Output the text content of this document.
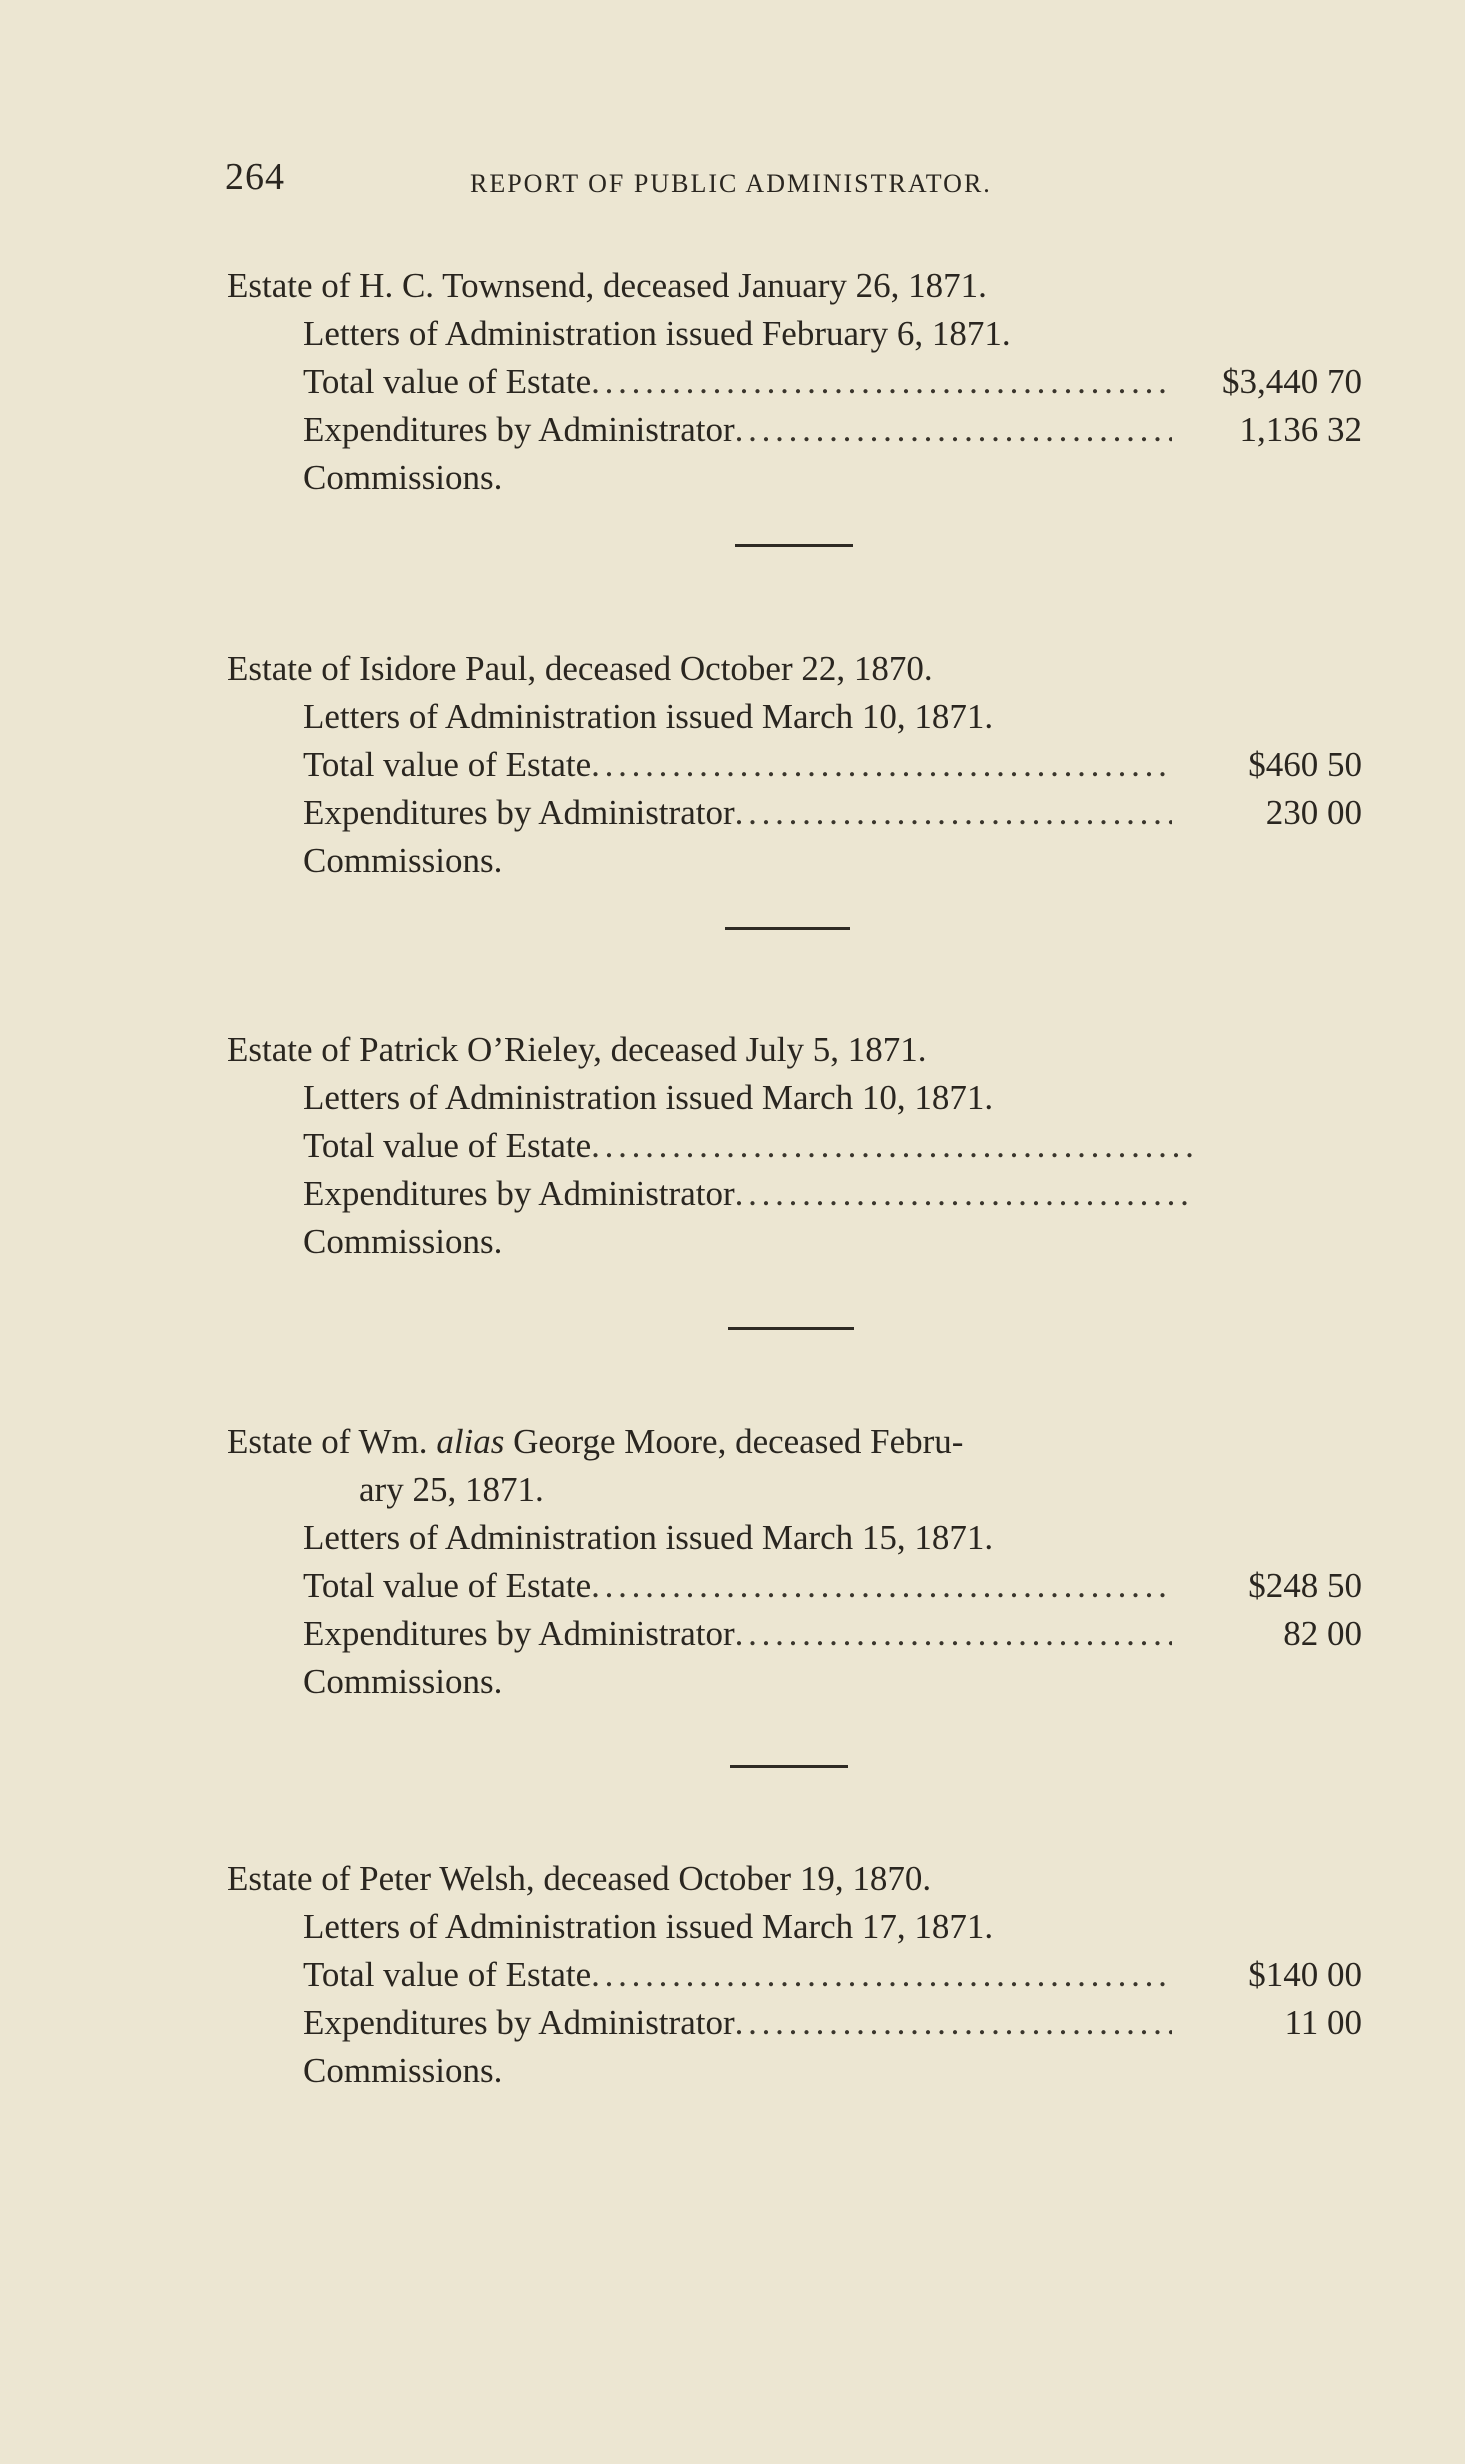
264	REPORT OF PUBLIC ADMINISTRATOR.
Estate of H. C. Townsend, deceased January 26, 1871.
Letters of Administration issued February 6, 1871.
Total value of Estate . . .	$3,440 70
Expenditures by Administrator . . .	1,136 32
Commissions.
Estate of Isidore Paul, deceased October 22, 1870.
Letters of Administration issued March 10, 1871.
Total value of Estate . . .	$460 50
Expenditures by Administrator . . .	230 00
Commissions.
Estate of Patrick O’Rieley, deceased July 5, 1871.
Letters of Administration issued March 10, 1871.
Total value of Estate
. . .
Expenditures by Administrator
. . .
Commissions.
Estate of Wm. alias George Moore, deceased Febru-
ary 25, 1871.
Letters of Administration issued March 15, 1871.
Total value of Estate . . .	$248 50
Expenditures by Administrator . . .	82 00
Commissions.
Estate of Peter Welsh, deceased October 19, 1870.
Letters of Administration issued March 17, 1871.
Total value of Estate . . .	$140 00
Expenditures by Administrator . . .	11 00
Commissions.
